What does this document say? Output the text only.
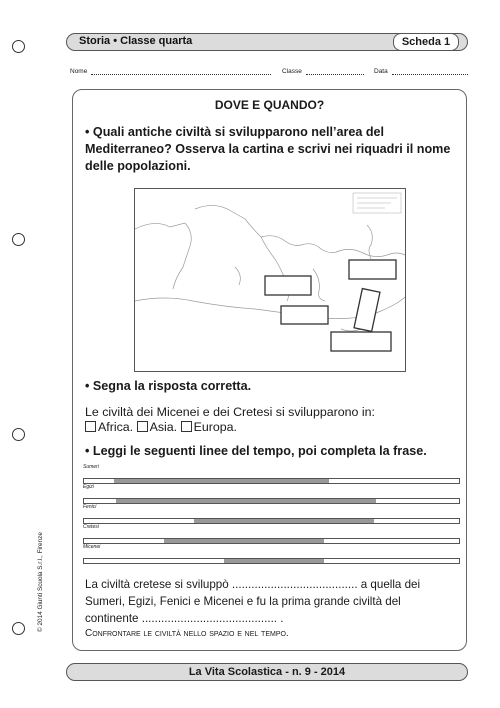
Storia • Classe quarta	Scheda 1
Nome	Classe	Data
DOVE E QUANDO?
• Quali antiche civiltà si svilupparono nell’area del Mediterraneo? Osserva la cartina e scrivi nei riquadri il nome delle popolazioni.
• Segna la risposta corretta.
Le civiltà dei Micenei e dei Cretesi si svilupparono in:
Africa. Asia. Europa.
• Leggi le seguenti linee del tempo, poi completa la frase.
Sumeri
Egizi
Fenici
Cretesi
Micenei
La civiltà cretese si sviluppò ....................................... a quella dei Sumeri, Egizi, Fenici e Micenei e fu la prima grande civiltà del continente .......................................... .
Confrontare le civiltà nello spazio e nel tempo.
© 2014 Giunti Scuola S.r.l., Firenze
La Vita Scolastica - n. 9 - 2014
